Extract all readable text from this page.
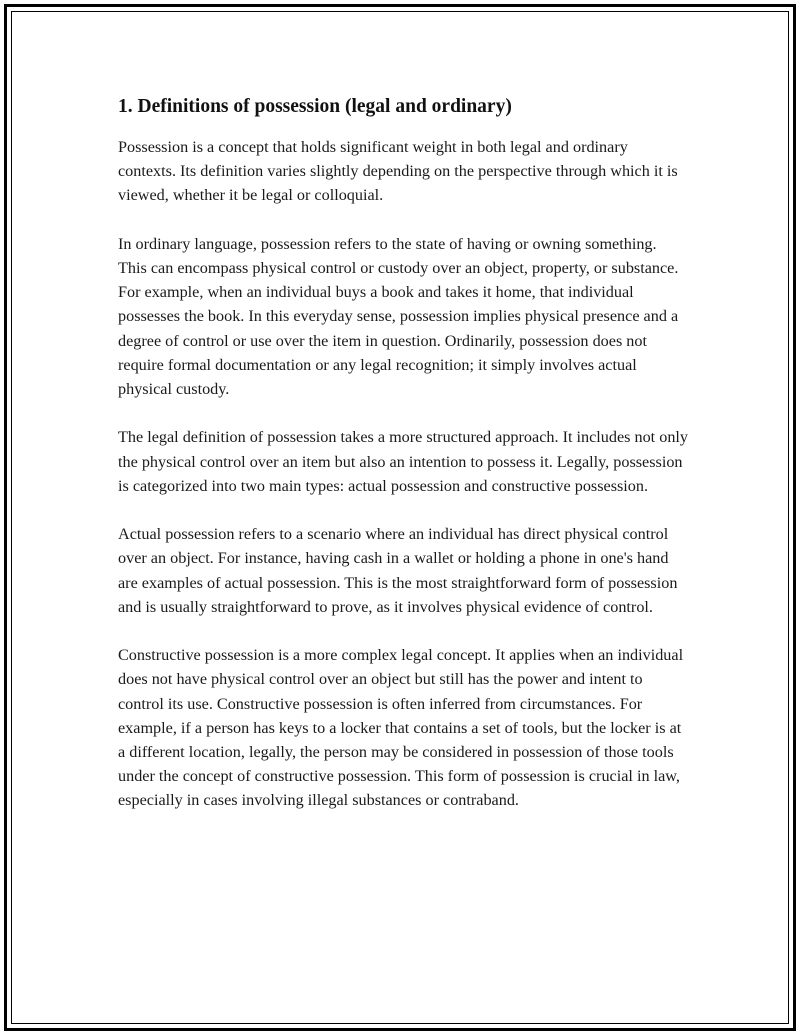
1. Definitions of possession (legal and ordinary)

Possession is a concept that holds significant weight in both legal and ordinary contexts. Its definition varies slightly depending on the perspective through which it is viewed, whether it be legal or colloquial.

In ordinary language, possession refers to the state of having or owning something. This can encompass physical control or custody over an object, property, or substance. For example, when an individual buys a book and takes it home, that individual possesses the book. In this everyday sense, possession implies physical presence and a degree of control or use over the item in question. Ordinarily, possession does not require formal documentation or any legal recognition; it simply involves actual physical custody.

The legal definition of possession takes a more structured approach. It includes not only the physical control over an item but also an intention to possess it. Legally, possession is categorized into two main types: actual possession and constructive possession.

Actual possession refers to a scenario where an individual has direct physical control over an object. For instance, having cash in a wallet or holding a phone in one's hand are examples of actual possession. This is the most straightforward form of possession and is usually straightforward to prove, as it involves physical evidence of control.

Constructive possession is a more complex legal concept. It applies when an individual does not have physical control over an object but still has the power and intent to control its use. Constructive possession is often inferred from circumstances. For example, if a person has keys to a locker that contains a set of tools, but the locker is at a different location, legally, the person may be considered in possession of those tools under the concept of constructive possession. This form of possession is crucial in law, especially in cases involving illegal substances or contraband.
